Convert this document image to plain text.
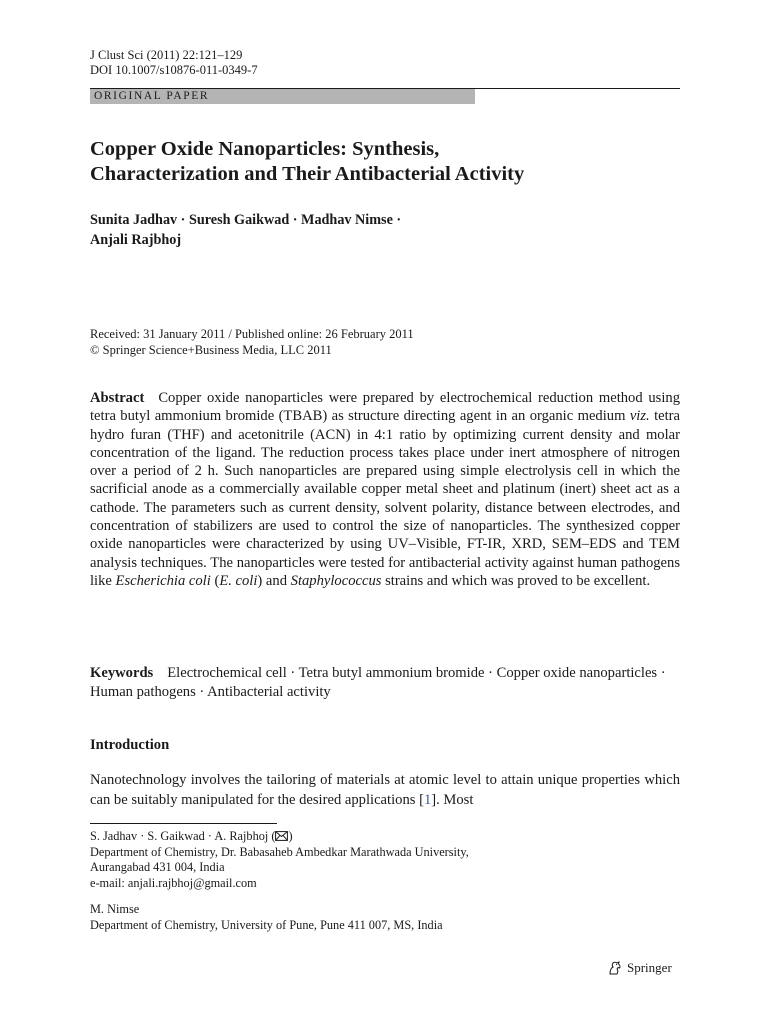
J Clust Sci (2011) 22:121–129
DOI 10.1007/s10876-011-0349-7
ORIGINAL PAPER
Copper Oxide Nanoparticles: Synthesis,
Characterization and Their Antibacterial Activity
Sunita Jadhav · Suresh Gaikwad · Madhav Nimse ·
Anjali Rajbhoj
Received: 31 January 2011 / Published online: 26 February 2011
© Springer Science+Business Media, LLC 2011

Abstract Copper oxide nanoparticles were prepared by electrochemical reduction method using tetra butyl ammonium bromide (TBAB) as structure directing agent in an organic medium viz. tetra hydro furan (THF) and acetonitrile (ACN) in 4:1 ratio by optimizing current density and molar concentration of the ligand. The reduction process takes place under inert atmosphere of nitrogen over a period of 2 h. Such nanoparticles are prepared using simple electrolysis cell in which the sacrificial anode as a commercially available copper metal sheet and platinum (inert) sheet act as a cathode. The parameters such as current density, solvent polarity, distance between electrodes, and concentration of stabilizers are used to control the size of nanoparticles. The synthesized copper oxide nanoparticles were characterized by using UV–Visible, FT-IR, XRD, SEM–EDS and TEM analysis techniques. The nanoparticles were tested for antibacterial activity against human pathogens like Escherichia coli (E. coli) and Staphylococcus strains and which was proved to be excellent.

Keywords Electrochemical cell · Tetra butyl ammonium bromide · Copper oxide nanoparticles · Human pathogens · Antibacterial activity

Introduction

Nanotechnology involves the tailoring of materials at atomic level to attain unique properties which can be suitably manipulated for the desired applications [1]. Most

S. Jadhav · S. Gaikwad · A. Rajbhoj ( )
Department of Chemistry, Dr. Babasaheb Ambedkar Marathwada University,
Aurangabad 431 004, India
e-mail: anjali.rajbhoj@gmail.com
M. Nimse
Department of Chemistry, University of Pune, Pune 411 007, MS, India
Springer
